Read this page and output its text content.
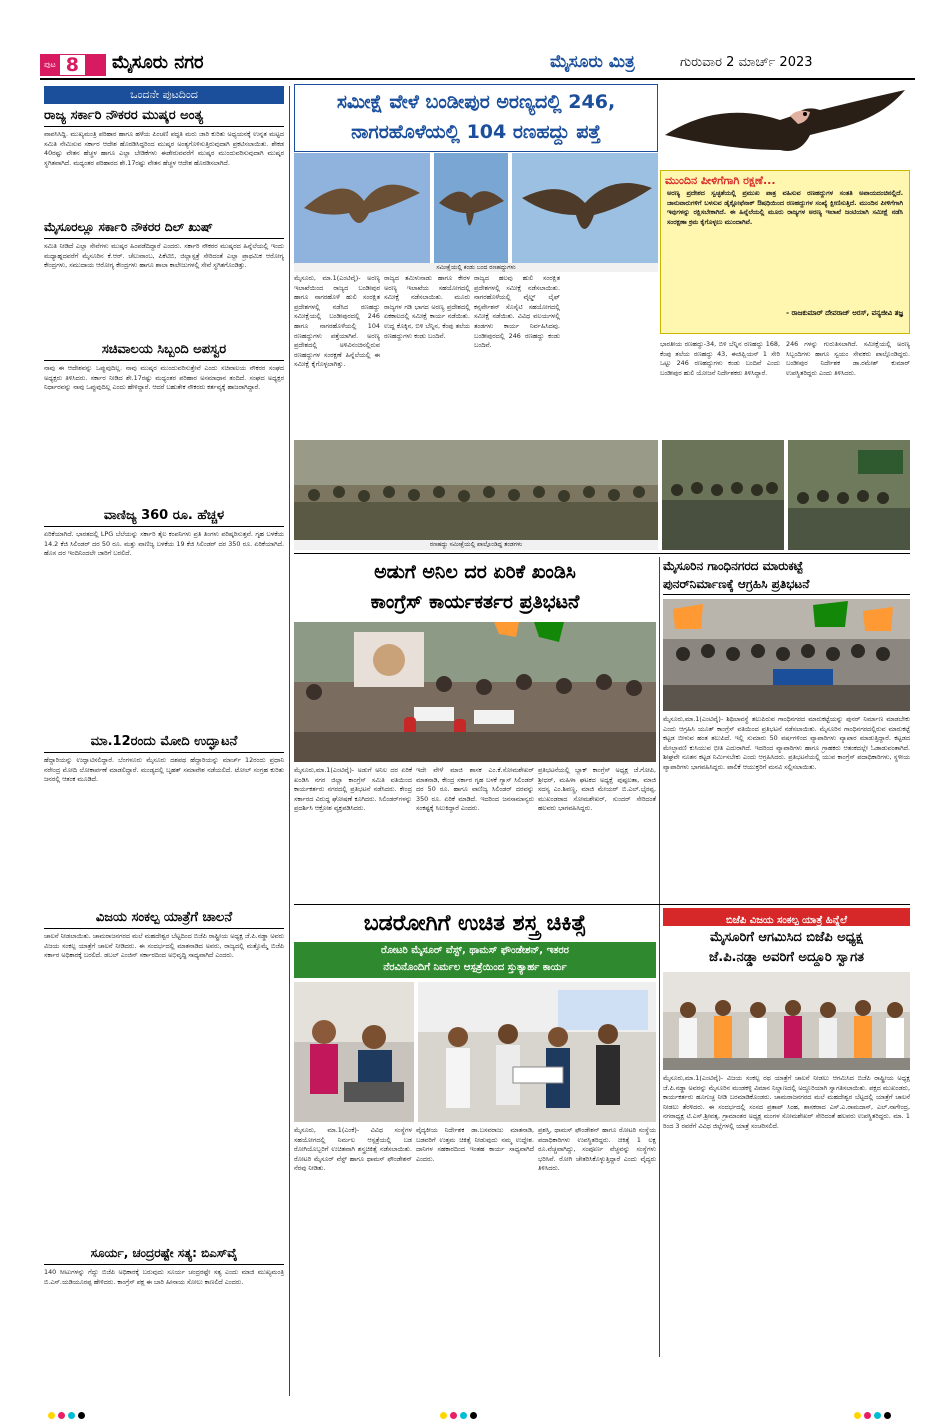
ಪುಟ 8	ಮೈಸೂರು ನಗರ	ಮೈಸೂರು ಮಿತ್ರ	ಗುರುವಾರ 2 ಮಾರ್ಚ್ 2023
ಒಂದನೇ ಪುಟದಿಂದ
ರಾಜ್ಯ ಸರ್ಕಾರಿ ನೌಕರರ ಮುಷ್ಕರ ಅಂತ್ಯ
ವಾಪಸಿಸಿದ್ದಿ. ಮುಖ್ಯಮಂತ್ರಿ ಪರಿಹಾರ ಹಾಗೂ ಹಳೆಯ ಪಿಂಚಣಿ ಪದ್ಧತಿ ಮರು ಜಾರಿ ಕುರಿತು ಅಧ್ಯಯನಕ್ಕೆ ಉನ್ನತ ಮಟ್ಟದ ಸಮಿತಿ ನೇಮಿಸುವ ಸರ್ಕಾರ ಆದೇಶ ಹೊರಡಿಸಿದ್ದರಿಂದ ಮುಷ್ಕರ ಅಂತ್ಯಗೊಳಿಸುತ್ತಿರುವುದಾಗಿ ಪ್ರಕಟಿಸಲಾಯಿತು. ಶೇಕಡ 40ರಷ್ಟು ವೇತನ ಹೆಚ್ಚಳ ಹಾಗೂ ಎಲ್ಲಾ ಬೇಡಿಕೆಗಳು ಈಡೇರುವವರೆಗೆ ಮುಷ್ಕರ ಮುಂದುವರಿಸುವುದಾಗಿ ಮುಷ್ಕರ ಸ್ಥಗಿತವಾಗಿದೆ. ಮಧ್ಯಂತರ ಪರಿಹಾರದ ಶೇ.17ರಷ್ಟು ವೇತನ ಹೆಚ್ಚಳ ಆದೇಶ ಹೊರಡಿಸಲಾಗಿದೆ.
ಮೈಸೂರಲ್ಲೂ ಸರ್ಕಾರಿ ನೌಕರರ ದಿಲ್ ಖುಷ್
ಸಮಿತಿ ನೀಡಿದೆ ಎಲ್ಲಾ ಸೇವೆಗಳು ಮುಷ್ಕರ ಹಿಂಪಡೆದಿದ್ದಾರೆ ಎಂದರು. ಸರ್ಕಾರಿ ನೌಕರರ ಮುಷ್ಕರದ ಹಿನ್ನೆಲೆಯಲ್ಲಿ ಇಂದು ಮಧ್ಯಾಹ್ನದವರೆಗೆ ಮೈಸೂರಿನ ಕೆ.ಆರ್. ಚೆಲುವಾಂಬ, ಪಿಕೆಟಿಬಿ, ಜಿಲ್ಲಾಸ್ಪತ್ರೆ ಸೇರಿದಂತೆ ಎಲ್ಲಾ ಪ್ರಾಥಮಿಕ ಆರೋಗ್ಯ ಕೇಂದ್ರಗಳು, ಸಮುದಾಯ ಆರೋಗ್ಯ ಕೇಂದ್ರಗಳು ಹಾಗೂ ಶಾಲಾ ಕಾಲೇಜುಗಳಲ್ಲಿ ಸೇವೆ ಸ್ಥಗಿತಗೊಂಡಿತ್ತು.
ಸಚಿವಾಲಯ ಸಿಬ್ಬಂದಿ ಅಪಸ್ವರ
ನಾವು ಈ ಆದೇಶವನ್ನು ಒಪ್ಪುವುದಿಲ್ಲ. ನಾವು ಮುಷ್ಕರ ಮುಂದುವರಿಸುತ್ತೇವೆ ಎಂದು ಸಚಿವಾಲಯ ನೌಕರರ ಸಂಘದ ಅಧ್ಯಕ್ಷರು ತಿಳಿಸಿದರು. ಸರ್ಕಾರ ನೀಡಿದ ಶೇ.17ರಷ್ಟು ಮಧ್ಯಂತರ ಪರಿಹಾರ ಅಸಮಾಧಾನ ತಂದಿದೆ. ಸಂಘದ ಅಧ್ಯಕ್ಷರ ನಿರ್ಧಾರವನ್ನು ನಾವು ಒಪ್ಪುವುದಿಲ್ಲ ಎಂದು ಹೇಳಿದ್ದಾರೆ. ಆದರೆ ಬಹುತೇಕ ನೌಕರರು ಕರ್ತವ್ಯಕ್ಕೆ ಹಾಜರಾಗಿದ್ದಾರೆ.
ವಾಣಿಜ್ಯ 360 ರೂ. ಹೆಚ್ಚಳ
ಏರಿಕೆಯಾಗಿದೆ. ಭಾರತದಲ್ಲಿ LPG ಬೆಲೆಯನ್ನು ಸರ್ಕಾರಿ ತೈಲ ಕಂಪನಿಗಳು ಪ್ರತಿ ತಿಂಗಳು ಪರಿಷ್ಕರಿಸುತ್ತವೆ. ಗೃಹ ಬಳಕೆಯ 14.2 ಕೆಜಿ ಸಿಲಿಂಡರ್ ದರ 50 ರೂ. ಮತ್ತು ವಾಣಿಜ್ಯ ಬಳಕೆಯ 19 ಕೆಜಿ ಸಿಲಿಂಡರ್ ದರ 350 ರೂ. ಏರಿಕೆಯಾಗಿದೆ. ಹೊಸ ದರ ಇಂದಿನಿಂದಲೇ ಜಾರಿಗೆ ಬರಲಿದೆ.
ಮಾ.12ರಂದು ಮೋದಿ ಉದ್ಘಾಟನೆ
ಹೆದ್ದಾರಿಯನ್ನು ಉದ್ಘಾಟಿಸಲಿದ್ದಾರೆ. ಬೆಂಗಳೂರು ಮೈಸೂರು ದಶಪಥ ಹೆದ್ದಾರಿಯನ್ನು ಮಾರ್ಚ್ 12ರಂದು ಪ್ರಧಾನಿ ನರೇಂದ್ರ ಮೋದಿ ಲೋಕಾರ್ಪಣೆ ಮಾಡಲಿದ್ದಾರೆ. ಮಂಡ್ಯದಲ್ಲಿ ಬೃಹತ್ ಸಮಾವೇಶ ನಡೆಯಲಿದೆ. ಟೋಲ್ ಸಂಗ್ರಹ ಕುರಿತು ಜನರಲ್ಲಿ ಆತಂಕ ಮೂಡಿದೆ.
ವಿಜಯ ಸಂಕಲ್ಪ ಯಾತ್ರೆಗೆ ಚಾಲನೆ
ಚಾಲನೆ ನೀಡಲಾಯಿತು. ಚಾಮರಾಜನಗರದ ಮಲೆ ಮಹದೇಶ್ವರ ಬೆಟ್ಟದಿಂದ ಬಿಜೆಪಿ ರಾಷ್ಟ್ರೀಯ ಅಧ್ಯಕ್ಷ ಜೆ.ಪಿ.ನಡ್ಡಾ ಅವರು ವಿಜಯ ಸಂಕಲ್ಪ ಯಾತ್ರೆಗೆ ಚಾಲನೆ ನೀಡಿದರು. ಈ ಸಂದರ್ಭದಲ್ಲಿ ಮಾತನಾಡಿದ ಅವರು, ರಾಜ್ಯದಲ್ಲಿ ಮತ್ತೊಮ್ಮೆ ಬಿಜೆಪಿ ಸರ್ಕಾರ ಅಧಿಕಾರಕ್ಕೆ ಬರಲಿದೆ. ಡಬಲ್ ಎಂಜಿನ್ ಸರ್ಕಾರದಿಂದ ಅಭಿವೃದ್ಧಿ ಸಾಧ್ಯವಾಗಿದೆ ಎಂದರು.
ಸೂರ್ಯ, ಚಂದ್ರರಷ್ಟೇ ಸತ್ಯ: ಬಿಎಸ್‌ವೈ
140 ಸೀಟುಗಳನ್ನು ಗೆದ್ದು ಬಿಜೆಪಿ ಅಧಿಕಾರಕ್ಕೆ ಬರುವುದು ಸೂರ್ಯ ಚಂದ್ರರಷ್ಟೇ ಸತ್ಯ ಎಂದು ಮಾಜಿ ಮುಖ್ಯಮಂತ್ರಿ ಬಿ.ಎಸ್.ಯಡಿಯೂರಪ್ಪ ಹೇಳಿದರು. ಕಾಂಗ್ರೆಸ್ ಪಕ್ಷ ಈ ಬಾರಿ ಹೀನಾಯ ಸೋಲು ಕಾಣಲಿದೆ ಎಂದರು.
ಸಮೀಕ್ಷೆ ವೇಳೆ ಬಂಡೀಪುರ ಅರಣ್ಯದಲ್ಲಿ 246,
ನಾಗರಹೊಳೆಯಲ್ಲಿ 104 ರಣಹದ್ದು ಪತ್ತೆ
ಸಮೀಕ್ಷೆಯಲ್ಲಿ ಕಂಡು ಬಂದ ರಣಹದ್ದುಗಳು
ಮೈಸೂರು, ಮಾ.1(ಎಂಟಿವೈ)- ಅರಣ್ಯ ಇಲಾಖೆಯಿಂದ ರಾಜ್ಯದ ಬಂಡೀಪುರ ಹಾಗೂ ನಾಗರಹೊಳೆ ಹುಲಿ ಸಂರಕ್ಷಿತ ಪ್ರದೇಶಗಳಲ್ಲಿ ನಡೆಸಿದ ರಣಹದ್ದು ಸಮೀಕ್ಷೆಯಲ್ಲಿ ಬಂಡೀಪುರದಲ್ಲಿ 246 ಹಾಗೂ ನಾಗರಹೊಳೆಯಲ್ಲಿ 104 ರಣಹದ್ದುಗಳು ಪತ್ತೆಯಾಗಿವೆ. ಅರಣ್ಯ ಪ್ರದೇಶದಲ್ಲಿ ಅಳಿವಿನಂಚಿನಲ್ಲಿರುವ ರಣಹದ್ದುಗಳ ಸಂರಕ್ಷಣೆ ಹಿನ್ನೆಲೆಯಲ್ಲಿ ಈ ಸಮೀಕ್ಷೆ ಕೈಗೊಳ್ಳಲಾಗಿತ್ತು.
ರಾಜ್ಯದ ತಮಿಳುನಾಡು ಹಾಗೂ ಕೇರಳ ಅರಣ್ಯ ಇಲಾಖೆಯ ಸಹಯೋಗದಲ್ಲಿ ಸಮೀಕ್ಷೆ ನಡೆಸಲಾಯಿತು. ಮೂರು ರಾಜ್ಯಗಳ ಗಡಿ ಭಾಗದ ಅರಣ್ಯ ಪ್ರದೇಶದಲ್ಲಿ ಏಕಕಾಲದಲ್ಲಿ ಸಮೀಕ್ಷೆ ಕಾರ್ಯ ನಡೆಯಿತು. ಉದ್ದ ಕೊಕ್ಕಿನ, ಬಿಳಿ ಬೆನ್ನಿನ, ಕೆಂಪು ತಲೆಯ ರಣಹದ್ದುಗಳು ಕಂಡು ಬಂದಿವೆ.
ರಾಜ್ಯದ ಹಲವು ಹುಲಿ ಸಂರಕ್ಷಿತ ಪ್ರದೇಶಗಳಲ್ಲಿ ಸಮೀಕ್ಷೆ ನಡೆಸಲಾಯಿತು. ನಾಗರಹೊಳೆಯಲ್ಲಿ ವೈಲ್ಡ್ ಲೈಫ್ ಕನ್ಸರ್ವೇಶನ್ ಸೊಸೈಟಿ ಸಹಯೋಗದಲ್ಲಿ ಸಮೀಕ್ಷೆ ನಡೆಯಿತು. ವಿವಿಧ ವಲಯಗಳಲ್ಲಿ ತಂಡಗಳು ಕಾರ್ಯ ನಿರ್ವಹಿಸಿದವು. ಬಂಡೀಪುರದಲ್ಲಿ 246 ರಣಹದ್ದು ಕಂಡು ಬಂದಿವೆ.
ಮುಂದಿನ ಪೀಳಿಗೆಗಾಗಿ ರಕ್ಷಣೆ...
ಅರಣ್ಯ ಪ್ರದೇಶದ ಸ್ವಚ್ಛತೆಯಲ್ಲಿ ಪ್ರಮುಖ ಪಾತ್ರ ವಹಿಸುವ ರಣಹದ್ದುಗಳ ಸಂತತಿ ಅಪಾಯದಂಚಿನಲ್ಲಿದೆ. ಜಾನುವಾರುಗಳಿಗೆ ಬಳಸುವ ಡೈಕ್ಲೋಫೆನಾಕ್ ಔಷಧಿಯಿಂದ ರಣಹದ್ದುಗಳ ಸಂಖ್ಯೆ ಕ್ಷೀಣಿಸುತ್ತಿದೆ. ಮುಂದಿನ ಪೀಳಿಗೆಗಾಗಿ ಇವುಗಳನ್ನು ರಕ್ಷಿಸಬೇಕಾಗಿದೆ. ಈ ಹಿನ್ನೆಲೆಯಲ್ಲಿ ಮೂರು ರಾಜ್ಯಗಳ ಅರಣ್ಯ ಇಲಾಖೆ ಜಂಟಿಯಾಗಿ ಸಮೀಕ್ಷೆ ನಡೆಸಿ ಸಂರಕ್ಷಣಾ ಕ್ರಮ ಕೈಗೊಳ್ಳಲು ಮುಂದಾಗಿವೆ.
- ರಾಜಕುಮಾರ್ ದೇವರಾಜ್ ಅರಸ್, ವನ್ಯಜೀವಿ ತಜ್ಞ
ಭಾರತೀಯ ರಣಹದ್ದು-34, ಬಿಳಿ ಬೆನ್ನಿನ ರಣಹದ್ದು 168, ಕೆಂಪು ತಲೆಯ ರಣಹದ್ದು 43, ಈಜಿಪ್ಷಿಯನ್ 1 ಸೇರಿ ಒಟ್ಟು 246 ರಣಹದ್ದುಗಳು ಕಂಡು ಬಂದಿವೆ ಎಂದು ಬಂಡೀಪುರ ಹುಲಿ ಯೋಜನೆ ನಿರ್ದೇಶಕರು ತಿಳಿಸಿದ್ದಾರೆ.
246 ಗಳನ್ನು ಗುರುತಿಸಲಾಗಿದೆ. ಸಮೀಕ್ಷೆಯಲ್ಲಿ ಅರಣ್ಯ ಸಿಬ್ಬಂದಿಗಳು ಹಾಗೂ ಸ್ವಯಂ ಸೇವಕರು ಪಾಲ್ಗೊಂಡಿದ್ದರು. ಬಂಡೀಪುರ ನಿರ್ದೇಶಕ ಡಾ.ರಮೇಶ್ ಕುಮಾರ್ ಉಪಸ್ಥಿತರಿದ್ದರು ಎಂದು ತಿಳಿಸಿದರು.
ರಣಹದ್ದು ಸಮೀಕ್ಷೆಯಲ್ಲಿ ಪಾಲ್ಗೊಂಡಿದ್ದ ತಂಡಗಳು
ಅಡುಗೆ ಅನಿಲ ದರ ಏರಿಕೆ ಖಂಡಿಸಿ
ಕಾಂಗ್ರೆಸ್ ಕಾರ್ಯಕರ್ತರ ಪ್ರತಿಭಟನೆ
ಮೈಸೂರು,ಮಾ.1(ಎಂಟಿವೈ)- ಅಡುಗೆ ಅನಿಲ ದರ ಏರಿಕೆ ಖಂಡಿಸಿ ನಗರ ಜಿಲ್ಲಾ ಕಾಂಗ್ರೆಸ್ ಸಮಿತಿ ವತಿಯಿಂದ ಕಾರ್ಯಕರ್ತರು ನಗರದಲ್ಲಿ ಪ್ರತಿಭಟನೆ ನಡೆಸಿದರು. ಕೇಂದ್ರ ಸರ್ಕಾರದ ವಿರುದ್ಧ ಘೋಷಣೆ ಕೂಗಿದರು. ಸಿಲಿಂಡರ್‌ಗಳನ್ನು ಪ್ರದರ್ಶಿಸಿ ಆಕ್ರೋಶ ವ್ಯಕ್ತಪಡಿಸಿದರು.
ಇದೇ ವೇಳೆ ಮಾಜಿ ಶಾಸಕ ಎಂ.ಕೆ.ಸೋಮಶೇಖರ್ ಮಾತನಾಡಿ, ಕೇಂದ್ರ ಸರ್ಕಾರ ಗೃಹ ಬಳಕೆ ಗ್ಯಾಸ್ ಸಿಲಿಂಡರ್ ದರ 50 ರೂ. ಹಾಗೂ ವಾಣಿಜ್ಯ ಸಿಲಿಂಡರ್ ದರವನ್ನು 350 ರೂ. ಏರಿಕೆ ಮಾಡಿದೆ. ಇದರಿಂದ ಜನಸಾಮಾನ್ಯರು ಸಂಕಷ್ಟಕ್ಕೆ ಸಿಲುಕಿದ್ದಾರೆ ಎಂದರು.
ಪ್ರತಿಭಟನೆಯಲ್ಲಿ ಬ್ಲಾಕ್ ಕಾಂಗ್ರೆಸ್ ಅಧ್ಯಕ್ಷ ಜೆ.ಗೋಪಿ, ಶ್ರೀಧರ್, ಮಹಿಳಾ ಘಟಕದ ಅಧ್ಯಕ್ಷೆ ಪುಷ್ಪಲತಾ, ಮಾಜಿ ಸದಸ್ಯ ಎಂ.ಶಿವಣ್ಣ, ಮಾಜಿ ಮೇಯರ್ ಬಿ.ಎಲ್.ಭೈರಪ್ಪ, ಮುಖಂಡರಾದ ಸೋಮಶೇಖರ್, ಸುಂದರ್ ಸೇರಿದಂತೆ ಹಲವರು ಭಾಗವಹಿಸಿದ್ದರು.
ಮೈಸೂರಿನ ಗಾಂಧಿನಗರದ ಮಾರುಕಟ್ಟೆ
ಪುನರ್‌ನಿರ್ಮಾಣಕ್ಕೆ ಆಗ್ರಹಿಸಿ ಪ್ರತಿಭಟನೆ
ಮೈಸೂರು,ಮಾ.1(ಎಂಟಿವೈ)- ಶಿಥಿಲಾವಸ್ಥೆ ತಲುಪಿರುವ ಗಾಂಧಿನಗರದ ಮಾರುಕಟ್ಟೆಯನ್ನು ಪುನರ್ ನಿರ್ಮಾಣ ಮಾಡಬೇಕು ಎಂದು ಆಗ್ರಹಿಸಿ ಯೂತ್ ಕಾಂಗ್ರೆಸ್ ವತಿಯಿಂದ ಪ್ರತಿಭಟನೆ ನಡೆಸಲಾಯಿತು. ಮೈಸೂರಿನ ಗಾಂಧಿನಗರದಲ್ಲಿರುವ ಮಾರುಕಟ್ಟೆ ಕಟ್ಟಡ ಬೀಳುವ ಹಂತ ತಲುಪಿದೆ. ಇಲ್ಲಿ ಸುಮಾರು 50 ವರ್ಷಗಳಿಂದ ವ್ಯಾಪಾರಿಗಳು ವ್ಯಾಪಾರ ಮಾಡುತ್ತಿದ್ದಾರೆ. ಕಟ್ಟಡದ ಮೇಲ್ಛಾವಣಿ ಕುಸಿಯುವ ಭೀತಿ ಎದುರಾಗಿದೆ. ಇದರಿಂದ ವ್ಯಾಪಾರಿಗಳು ಹಾಗೂ ಗ್ರಾಹಕರು ಆತಂಕದಲ್ಲೇ ಓಡಾಡುವಂತಾಗಿದೆ. ಶೀಘ್ರವೇ ನೂತನ ಕಟ್ಟಡ ನಿರ್ಮಿಸಬೇಕು ಎಂದು ಆಗ್ರಹಿಸಿದರು. ಪ್ರತಿಭಟನೆಯಲ್ಲಿ ಯುವ ಕಾಂಗ್ರೆಸ್ ಪದಾಧಿಕಾರಿಗಳು, ಸ್ಥಳೀಯ ವ್ಯಾಪಾರಿಗಳು ಭಾಗವಹಿಸಿದ್ದರು. ಪಾಲಿಕೆ ಆಯುಕ್ತರಿಗೆ ಮನವಿ ಸಲ್ಲಿಸಲಾಯಿತು.
ಬಡರೋಗಿಗೆ ಉಚಿತ ಶಸ್ತ್ರ ಚಿಕಿತ್ಸೆ
ರೋಟರಿ ಮೈಸೂರ್ ವೆಸ್ಟ್, ಥಾಮಸ್ ಫೌಂಡೇಶನ್, ಇತರರ
ನೆರವಿನೊಂದಿಗೆ ನಿರ್ಮಲ ಆಸ್ಪತ್ರೆಯಿಂದ ಸ್ತುತ್ಯಾರ್ಹ ಕಾರ್ಯ
ಮೈಸೂರು, ಮಾ.1(ಎಂಕೆ)- ವಿವಿಧ ಸಂಸ್ಥೆಗಳ ಸಹಯೋಗದಲ್ಲಿ ನಿರ್ಮಲ ಆಸ್ಪತ್ರೆಯಲ್ಲಿ ಬಡ ರೋಗಿಯೊಬ್ಬರಿಗೆ ಉಚಿತವಾಗಿ ಶಸ್ತ್ರಚಿಕಿತ್ಸೆ ನಡೆಸಲಾಯಿತು. ರೋಟರಿ ಮೈಸೂರ್ ವೆಸ್ಟ್ ಹಾಗೂ ಥಾಮಸ್ ಫೌಂಡೇಶನ್ ನೆರವು ನೀಡಿತು.
ವೈದ್ಯಕೀಯ ನಿರ್ದೇಶಕ ಡಾ.ಬಸವರಾಜು ಮಾತನಾಡಿ, ಬಡವರಿಗೆ ಉತ್ತಮ ಚಿಕಿತ್ಸೆ ನೀಡುವುದು ನಮ್ಮ ಉದ್ದೇಶ. ದಾನಿಗಳ ಸಹಕಾರದಿಂದ ಇಂತಹ ಕಾರ್ಯ ಸಾಧ್ಯವಾಗಿದೆ ಎಂದರು.
ಪ್ರಶಸ್ತಿ, ಥಾಮಸ್ ಫೌಂಡೇಶನ್ ಹಾಗೂ ರೋಟರಿ ಸಂಸ್ಥೆಯ ಪದಾಧಿಕಾರಿಗಳು ಉಪಸ್ಥಿತರಿದ್ದರು. ಚಿಕಿತ್ಸೆ 1 ಲಕ್ಷ ರೂ.ವೆಚ್ಚವಾಗಿದ್ದು, ಸಂಪೂರ್ಣ ವೆಚ್ಚವನ್ನು ಸಂಸ್ಥೆಗಳು ಭರಿಸಿವೆ. ರೋಗಿ ಚೇತರಿಸಿಕೊಳ್ಳುತ್ತಿದ್ದಾರೆ ಎಂದು ವೈದ್ಯರು ತಿಳಿಸಿದರು.
ಬಿಜೆಪಿ ವಿಜಯ ಸಂಕಲ್ಪ ಯಾತ್ರೆ ಹಿನ್ನೆಲೆ
ಮೈಸೂರಿಗೆ ಆಗಮಿಸಿದ ಬಿಜೆಪಿ ಅಧ್ಯಕ್ಷ
ಜೆ.ಪಿ.ನಡ್ಡಾ ಅವರಿಗೆ ಅದ್ದೂರಿ ಸ್ವಾಗತ
ಮೈಸೂರು,ಮಾ.1(ಎಂಟಿವೈ)- ವಿಜಯ ಸಂಕಲ್ಪ ರಥ ಯಾತ್ರೆಗೆ ಚಾಲನೆ ನೀಡಲು ಆಗಮಿಸಿದ ಬಿಜೆಪಿ ರಾಷ್ಟ್ರೀಯ ಅಧ್ಯಕ್ಷ ಜೆ.ಪಿ.ನಡ್ಡಾ ಅವರನ್ನು ಮೈಸೂರಿನ ಮಂಡಕಳ್ಳಿ ವಿಮಾನ ನಿಲ್ದಾಣದಲ್ಲಿ ಅದ್ದೂರಿಯಾಗಿ ಸ್ವಾಗತಿಸಲಾಯಿತು. ಪಕ್ಷದ ಮುಖಂಡರು, ಕಾರ್ಯಕರ್ತರು ಹೂಗುಚ್ಛ ನೀಡಿ ಬರಮಾಡಿಕೊಂಡರು. ಚಾಮರಾಜನಗರದ ಮಲೆ ಮಹದೇಶ್ವರ ಬೆಟ್ಟದಲ್ಲಿ ಯಾತ್ರೆಗೆ ಚಾಲನೆ ನೀಡಲು ತೆರಳಿದರು. ಈ ಸಂದರ್ಭದಲ್ಲಿ ಸಂಸದ ಪ್ರತಾಪ್ ಸಿಂಹ, ಶಾಸಕರಾದ ಎಸ್.ಎ.ರಾಮದಾಸ್, ಎಲ್.ನಾಗೇಂದ್ರ, ನಗರಾಧ್ಯಕ್ಷ ಟಿ.ಎಸ್.ಶ್ರೀವತ್ಸ, ಗ್ರಾಮಾಂತರ ಅಧ್ಯಕ್ಷ ಮಂಗಳ ಸೋಮಶೇಖರ್ ಸೇರಿದಂತೆ ಹಲವರು ಉಪಸ್ಥಿತರಿದ್ದರು. ಮಾ. 1 ರಿಂದ 3 ರವರೆಗೆ ವಿವಿಧ ಜಿಲ್ಲೆಗಳಲ್ಲಿ ಯಾತ್ರೆ ಸಂಚರಿಸಲಿದೆ.
